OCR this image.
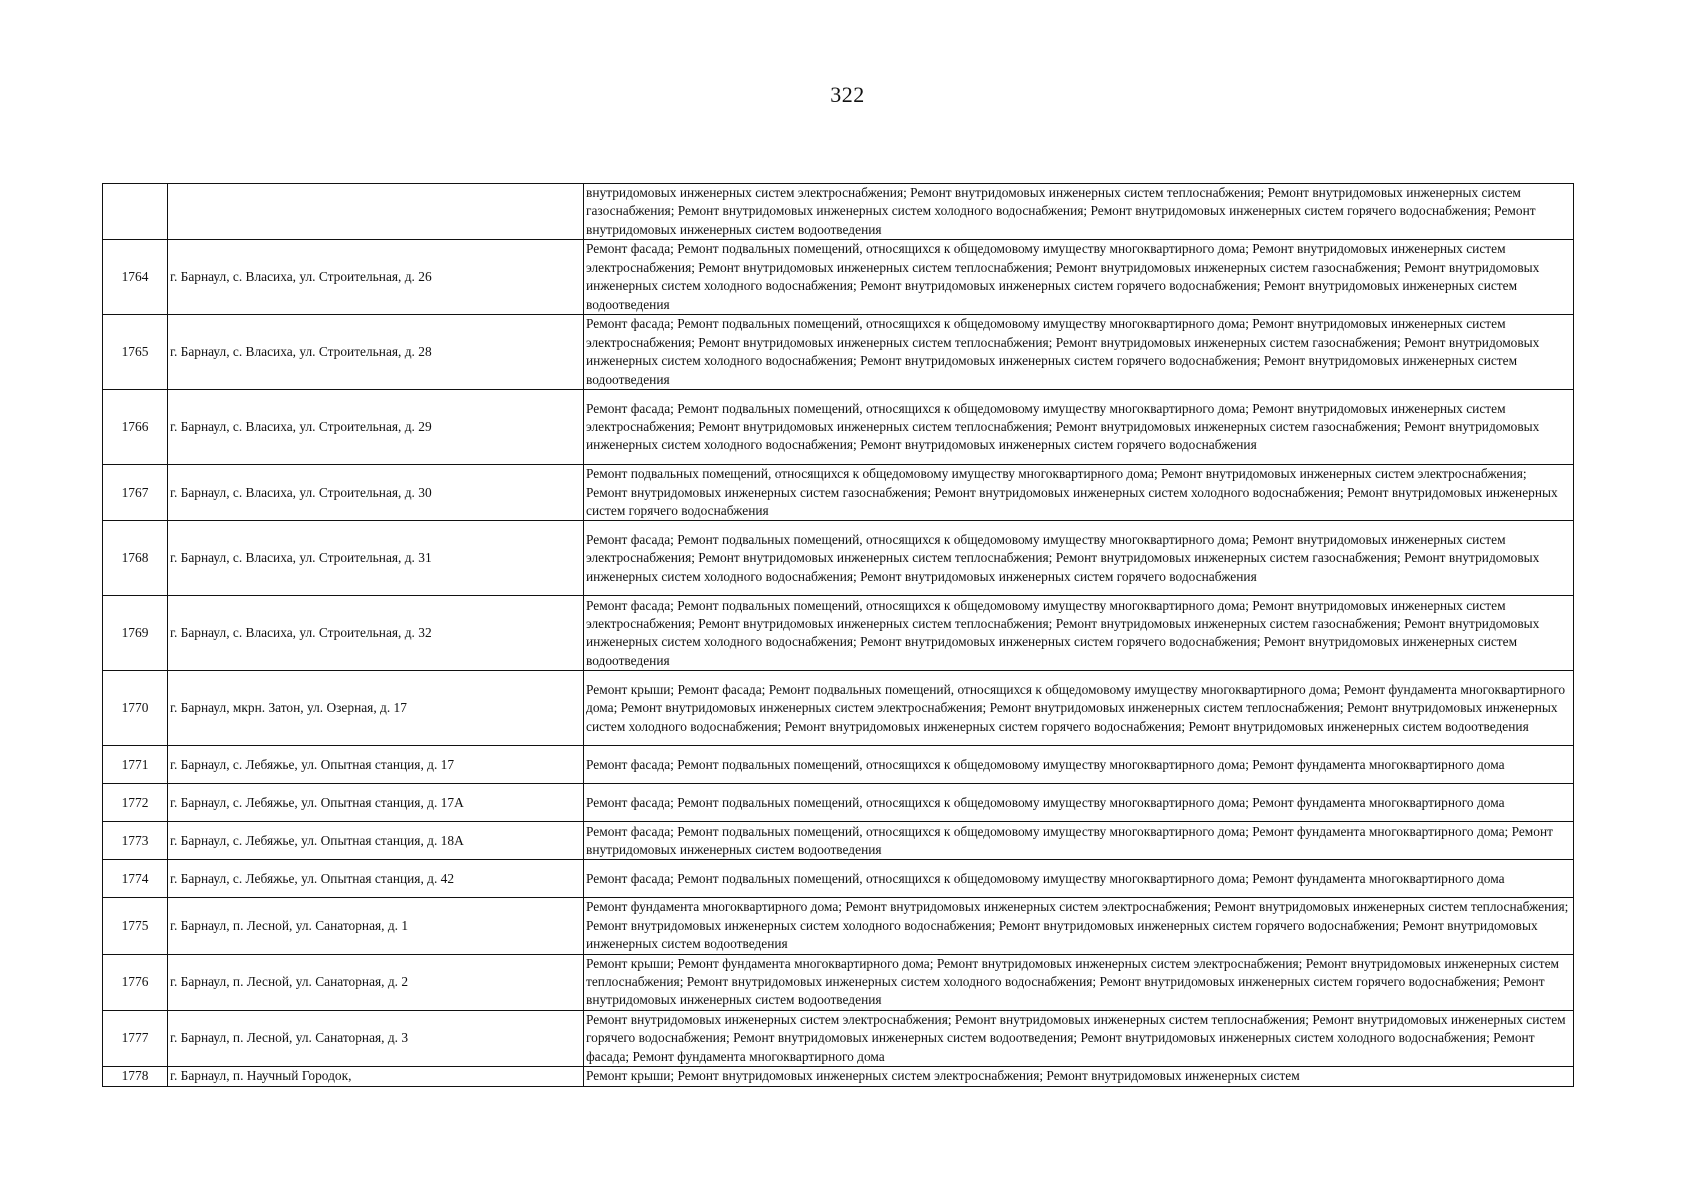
322
		внутридомовых инженерных систем электроснабжения; Ремонт внутридомовых инженерных систем теплоснабжения; Ремонт внутридомовых инженерных систем газоснабжения; Ремонт внутридомовых инженерных систем холодного водоснабжения; Ремонт внутридомовых инженерных систем горячего водоснабжения; Ремонт внутридомовых инженерных систем водоотведения
1764	г. Барнаул, с. Власиха, ул. Строительная, д. 26	Ремонт фасада; Ремонт подвальных помещений, относящихся к общедомовому имуществу многоквартирного дома; Ремонт внутридомовых инженерных систем электроснабжения; Ремонт внутридомовых инженерных систем теплоснабжения; Ремонт внутридомовых инженерных систем газоснабжения; Ремонт внутридомовых инженерных систем холодного водоснабжения; Ремонт внутридомовых инженерных систем горячего водоснабжения; Ремонт внутридомовых инженерных систем водоотведения
1765	г. Барнаул, с. Власиха, ул. Строительная, д. 28	Ремонт фасада; Ремонт подвальных помещений, относящихся к общедомовому имуществу многоквартирного дома; Ремонт внутридомовых инженерных систем электроснабжения; Ремонт внутридомовых инженерных систем теплоснабжения; Ремонт внутридомовых инженерных систем газоснабжения; Ремонт внутридомовых инженерных систем холодного водоснабжения; Ремонт внутридомовых инженерных систем горячего водоснабжения; Ремонт внутридомовых инженерных систем водоотведения
1766	г. Барнаул, с. Власиха, ул. Строительная, д. 29	Ремонт фасада; Ремонт подвальных помещений, относящихся к общедомовому имуществу многоквартирного дома; Ремонт внутридомовых инженерных систем электроснабжения; Ремонт внутридомовых инженерных систем теплоснабжения; Ремонт внутридомовых инженерных систем газоснабжения; Ремонт внутридомовых инженерных систем холодного водоснабжения; Ремонт внутридомовых инженерных систем горячего водоснабжения
1767	г. Барнаул, с. Власиха, ул. Строительная, д. 30	Ремонт подвальных помещений, относящихся к общедомовому имуществу многоквартирного дома; Ремонт внутридомовых инженерных систем электроснабжения; Ремонт внутридомовых инженерных систем газоснабжения; Ремонт внутридомовых инженерных систем холодного водоснабжения; Ремонт внутридомовых инженерных систем горячего водоснабжения
1768	г. Барнаул, с. Власиха, ул. Строительная, д. 31	Ремонт фасада; Ремонт подвальных помещений, относящихся к общедомовому имуществу многоквартирного дома; Ремонт внутридомовых инженерных систем электроснабжения; Ремонт внутридомовых инженерных систем теплоснабжения; Ремонт внутридомовых инженерных систем газоснабжения; Ремонт внутридомовых инженерных систем холодного водоснабжения; Ремонт внутридомовых инженерных систем горячего водоснабжения
1769	г. Барнаул, с. Власиха, ул. Строительная, д. 32	Ремонт фасада; Ремонт подвальных помещений, относящихся к общедомовому имуществу многоквартирного дома; Ремонт внутридомовых инженерных систем электроснабжения; Ремонт внутридомовых инженерных систем теплоснабжения; Ремонт внутридомовых инженерных систем газоснабжения; Ремонт внутридомовых инженерных систем холодного водоснабжения; Ремонт внутридомовых инженерных систем горячего водоснабжения; Ремонт внутридомовых инженерных систем водоотведения
1770	г. Барнаул, мкрн. Затон, ул. Озерная, д. 17	Ремонт крыши; Ремонт фасада; Ремонт подвальных помещений, относящихся к общедомовому имуществу многоквартирного дома; Ремонт фундамента многоквартирного дома; Ремонт внутридомовых инженерных систем электроснабжения; Ремонт внутридомовых инженерных систем теплоснабжения; Ремонт внутридомовых инженерных систем холодного водоснабжения; Ремонт внутридомовых инженерных систем горячего водоснабжения; Ремонт внутридомовых инженерных систем водоотведения
1771	г. Барнаул, с. Лебяжье, ул. Опытная станция, д. 17	Ремонт фасада; Ремонт подвальных помещений, относящихся к общедомовому имуществу многоквартирного дома; Ремонт фундамента многоквартирного дома
1772	г. Барнаул, с. Лебяжье, ул. Опытная станция, д. 17А	Ремонт фасада; Ремонт подвальных помещений, относящихся к общедомовому имуществу многоквартирного дома; Ремонт фундамента многоквартирного дома
1773	г. Барнаул, с. Лебяжье, ул. Опытная станция, д. 18А	Ремонт фасада; Ремонт подвальных помещений, относящихся к общедомовому имуществу многоквартирного дома; Ремонт фундамента многоквартирного дома; Ремонт внутридомовых инженерных систем водоотведения
1774	г. Барнаул, с. Лебяжье, ул. Опытная станция, д. 42	Ремонт фасада; Ремонт подвальных помещений, относящихся к общедомовому имуществу многоквартирного дома; Ремонт фундамента многоквартирного дома
1775	г. Барнаул, п. Лесной, ул. Санаторная, д. 1	Ремонт фундамента многоквартирного дома; Ремонт внутридомовых инженерных систем электроснабжения; Ремонт внутридомовых инженерных систем теплоснабжения; Ремонт внутридомовых инженерных систем холодного водоснабжения; Ремонт внутридомовых инженерных систем горячего водоснабжения; Ремонт внутридомовых инженерных систем водоотведения
1776	г. Барнаул, п. Лесной, ул. Санаторная, д. 2	Ремонт крыши; Ремонт фундамента многоквартирного дома; Ремонт внутридомовых инженерных систем электроснабжения; Ремонт внутридомовых инженерных систем теплоснабжения; Ремонт внутридомовых инженерных систем холодного водоснабжения; Ремонт внутридомовых инженерных систем горячего водоснабжения; Ремонт внутридомовых инженерных систем водоотведения
1777	г. Барнаул, п. Лесной, ул. Санаторная, д. 3	Ремонт внутридомовых инженерных систем электроснабжения; Ремонт внутридомовых инженерных систем теплоснабжения; Ремонт внутридомовых инженерных систем горячего водоснабжения; Ремонт внутридомовых инженерных систем водоотведения; Ремонт внутридомовых инженерных систем холодного водоснабжения; Ремонт фасада; Ремонт фундамента многоквартирного дома
1778	г. Барнаул, п. Научный Городок,	Ремонт крыши; Ремонт внутридомовых инженерных систем электроснабжения; Ремонт внутридомовых инженерных систем
